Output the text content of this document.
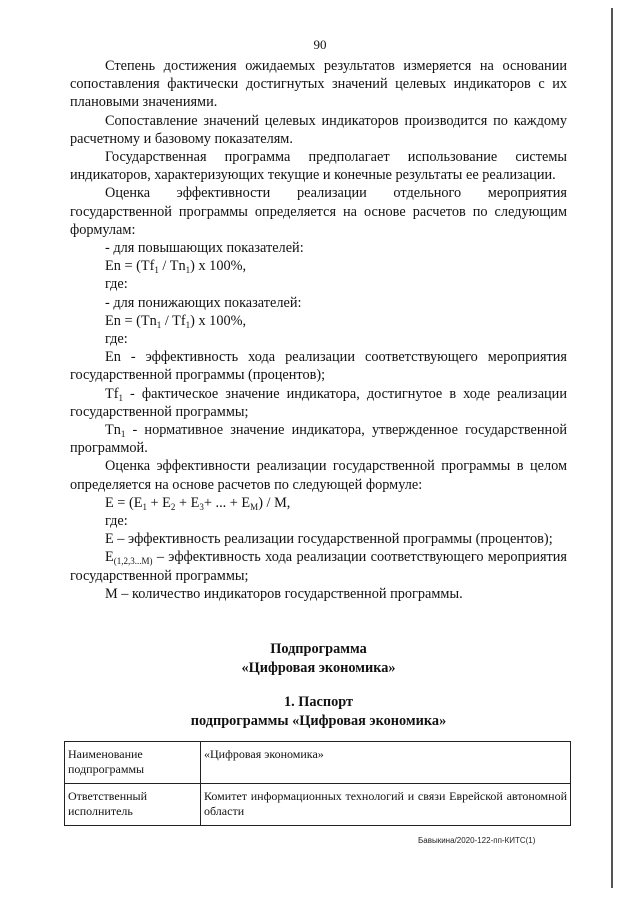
90

Степень достижения ожидаемых результатов измеряется на основании сопоставления фактически достигнутых значений целевых индикаторов с их плановыми значениями.

Сопоставление значений целевых индикаторов производится по каждому расчетному и базовому показателям.

Государственная программа предполагает использование системы индикаторов, характеризующих текущие и конечные результаты ее реализации.

Оценка эффективности реализации отдельного мероприятия государственной программы определяется на основе расчетов по следующим формулам:

- для повышающих показателей:

$En = (Tf_1 / Tn_1)$ x 100%,

где:

- для понижающих показателей:

$En = (Tn_1 / Tf_1)$ x 100%,

где:

En - эффективность хода реализации соответствующего мероприятия государственной программы (процентов);

$Tf_1$ - фактическое значение индикатора, достигнутое в ходе реализации государственной программы;

$Tn_1$ - нормативное значение индикатора, утвержденное государственной программой.

Оценка эффективности реализации государственной программы в целом определяется на основе расчетов по следующей формуле:

$E = (E_1 + E_2 + E_3+$ ... + $E_M$) / M,

где:

E – эффективность реализации государственной программы (процентов);

$E_{(1,2,3...M)}$ – эффективность хода реализации соответствующего мероприятия государственной программы;

M – количество индикаторов государственной программы.

Подпрограмма
«Цифровая экономика»
1. Паспорт
подпрограммы «Цифровая экономика»
Наименование подпрограммы	«Цифровая экономика»
Ответственный исполнитель	Комитет информационных технологий и связи Еврейской автономной области
Бавыкина/2020-122-пп-КИТС(1)
